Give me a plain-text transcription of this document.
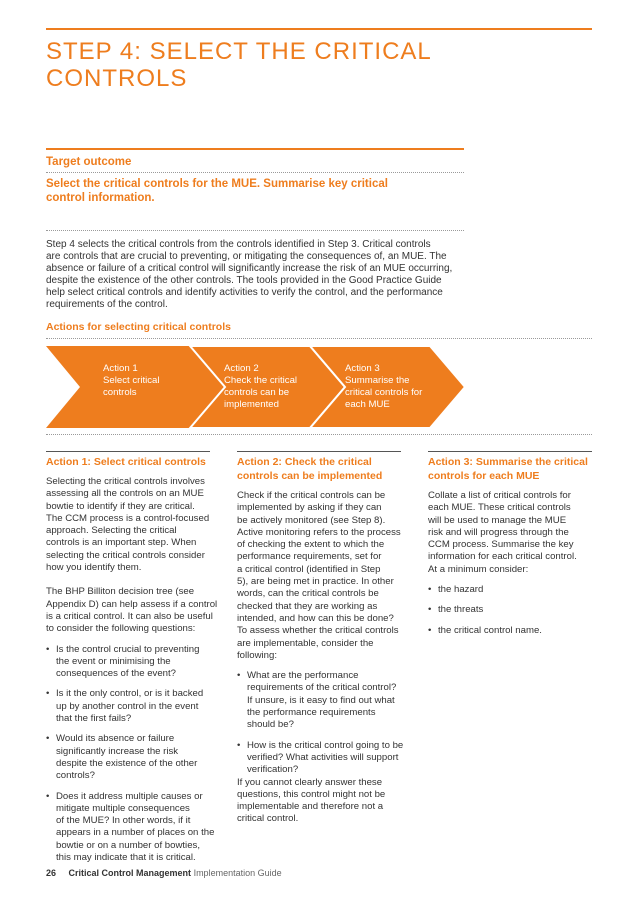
STEP 4: SELECT THE CRITICAL
CONTROLS
Target outcome
Select the critical controls for the MUE. Summarise key critical
control information.
Step 4 selects the critical controls from the controls identified in Step 3. Critical controls
are controls that are crucial to preventing, or mitigating the consequences of, an MUE. The
absence or failure of a critical control will significantly increase the risk of an MUE occurring,
despite the existence of the other controls. The tools provided in the Good Practice Guide
help select critical controls and identify activities to verify the control, and the performance
requirements of the control.
Actions for selecting critical controls
Action 1
Select critical
controls
Action 2
Check the critical
controls can be
implemented
Action 3
Summarise the
critical controls for
each MUE
Action 1: Select critical controls

Selecting the critical controls involves
assessing all the controls on an MUE
bowtie to identify if they are critical.
The CCM process is a control-focused
approach. Selecting the critical
controls is an important step. When
selecting the critical controls consider
how you identify them.

The BHP Billiton decision tree (see
Appendix D) can help assess if a control
is a critical control. It can also be useful
to consider the following questions:

• Is the control crucial to preventing
the event or minimising the
consequences of the event?
• Is it the only control, or is it backed
up by another control in the event
that the first fails?
• Would its absence or failure
significantly increase the risk
despite the existence of the other
controls?
• Does it address multiple causes or
mitigate multiple consequences
of the MUE? In other words, if it
appears in a number of places on the
bowtie or on a number of bowties,
this may indicate that it is critical.
Action 2: Check the critical
controls can be implemented

Check if the critical controls can be
implemented by asking if they can
be actively monitored (see Step 8).
Active monitoring refers to the process
of checking the extent to which the
performance requirements, set for
a critical control (identified in Step
5), are being met in practice. In other
words, can the critical controls be
checked that they are working as
intended, and how can this be done?
To assess whether the critical controls
are implementable, consider the
following:

• What are the performance
requirements of the critical control?
If unsure, is it easy to find out what
the performance requirements
should be?
• How is the critical control going to be
verified? What activities will support
verification?

If you cannot clearly answer these
questions, this control might not be
implementable and therefore not a
critical control.

Action 3: Summarise the critical
controls for each MUE

Collate a list of critical controls for
each MUE. These critical controls
will be used to manage the MUE
risk and will progress through the
CCM process. Summarise the key
information for each critical control.
At a minimum consider:

• the hazard
• the threats
• the critical control name.
26 Critical Control Management Implementation Guide
